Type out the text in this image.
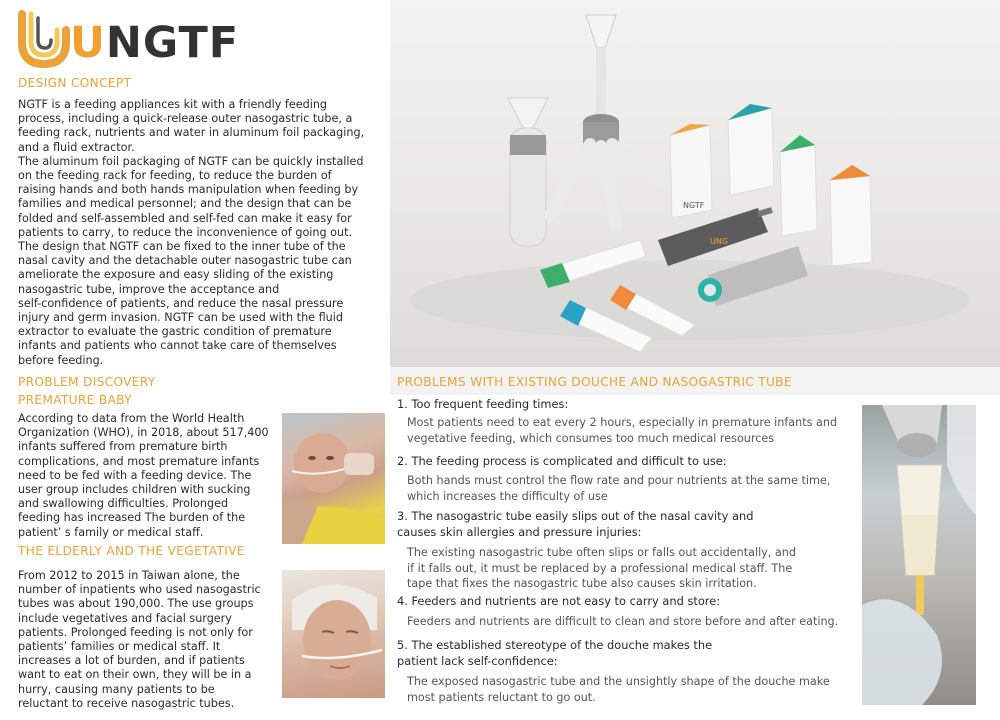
UNGTF
DESIGN CONCEPT
NGTF is a feeding appliances kit with a friendly feeding
process, including a quick-release outer nasogastric tube, a
feeding rack, nutrients and water in aluminum foil packaging,
and a fluid extractor.
The aluminum foil packaging of NGTF can be quickly installed
on the feeding rack for feeding, to reduce the burden of
raising hands and both hands manipulation when feeding by
families and medical personnel; and the design that can be
folded and self-assembled and self-fed can make it easy for
patients to carry, to reduce the inconvenience of going out.
The design that NGTF can be fixed to the inner tube of the
nasal cavity and the detachable outer nasogastric tube can
ameliorate the exposure and easy sliding of the existing
nasogastric tube, improve the acceptance and
self-confidence of patients, and reduce the nasal pressure
injury and germ invasion. NGTF can be used with the fluid
extractor to evaluate the gastric condition of premature
infants and patients who cannot take care of themselves
before feeding.
PROBLEM DISCOVERY
PREMATURE BABY
According to data from the World Health
Organization (WHO), in 2018, about 517,400
infants suffered from premature birth
complications, and most premature infants
need to be fed with a feeding device. The
user group includes children with sucking
and swallowing difficulties. Prolonged
feeding has increased The burden of the
patient’ s family or medical staff.
THE ELDERLY AND THE VEGETATIVE
From 2012 to 2015 in Taiwan alone, the
number of inpatients who used nasogastric
tubes was about 190,000. The use groups
include vegetatives and facial surgery
patients. Prolonged feeding is not only for
patients’ families or medical staff. It
increases a lot of burden, and if patients
want to eat on their own, they will be in a
hurry, causing many patients to be
reluctant to receive nasogastric tubes.
NGTF
UNG
PROBLEMS WITH EXISTING DOUCHE AND NASOGASTRIC TUBE
1. Too frequent feeding times:
Most patients need to eat every 2 hours, especially in premature infants and
vegetative feeding, which consumes too much medical resources
2. The feeding process is complicated and difficult to use:
Both hands must control the flow rate and pour nutrients at the same time,
which increases the difficulty of use
3. The nasogastric tube easily slips out of the nasal cavity and
causes skin allergies and pressure injuries:
The existing nasogastric tube often slips or falls out accidentally, and
if it falls out, it must be replaced by a professional medical staff. The
tape that fixes the nasogastric tube also causes skin irritation.
4. Feeders and nutrients are not easy to carry and store:
Feeders and nutrients are difficult to clean and store before and after eating.
5. The established stereotype of the douche makes the
patient lack self-confidence:
The exposed nasogastric tube and the unsightly shape of the douche make
most patients reluctant to go out.
